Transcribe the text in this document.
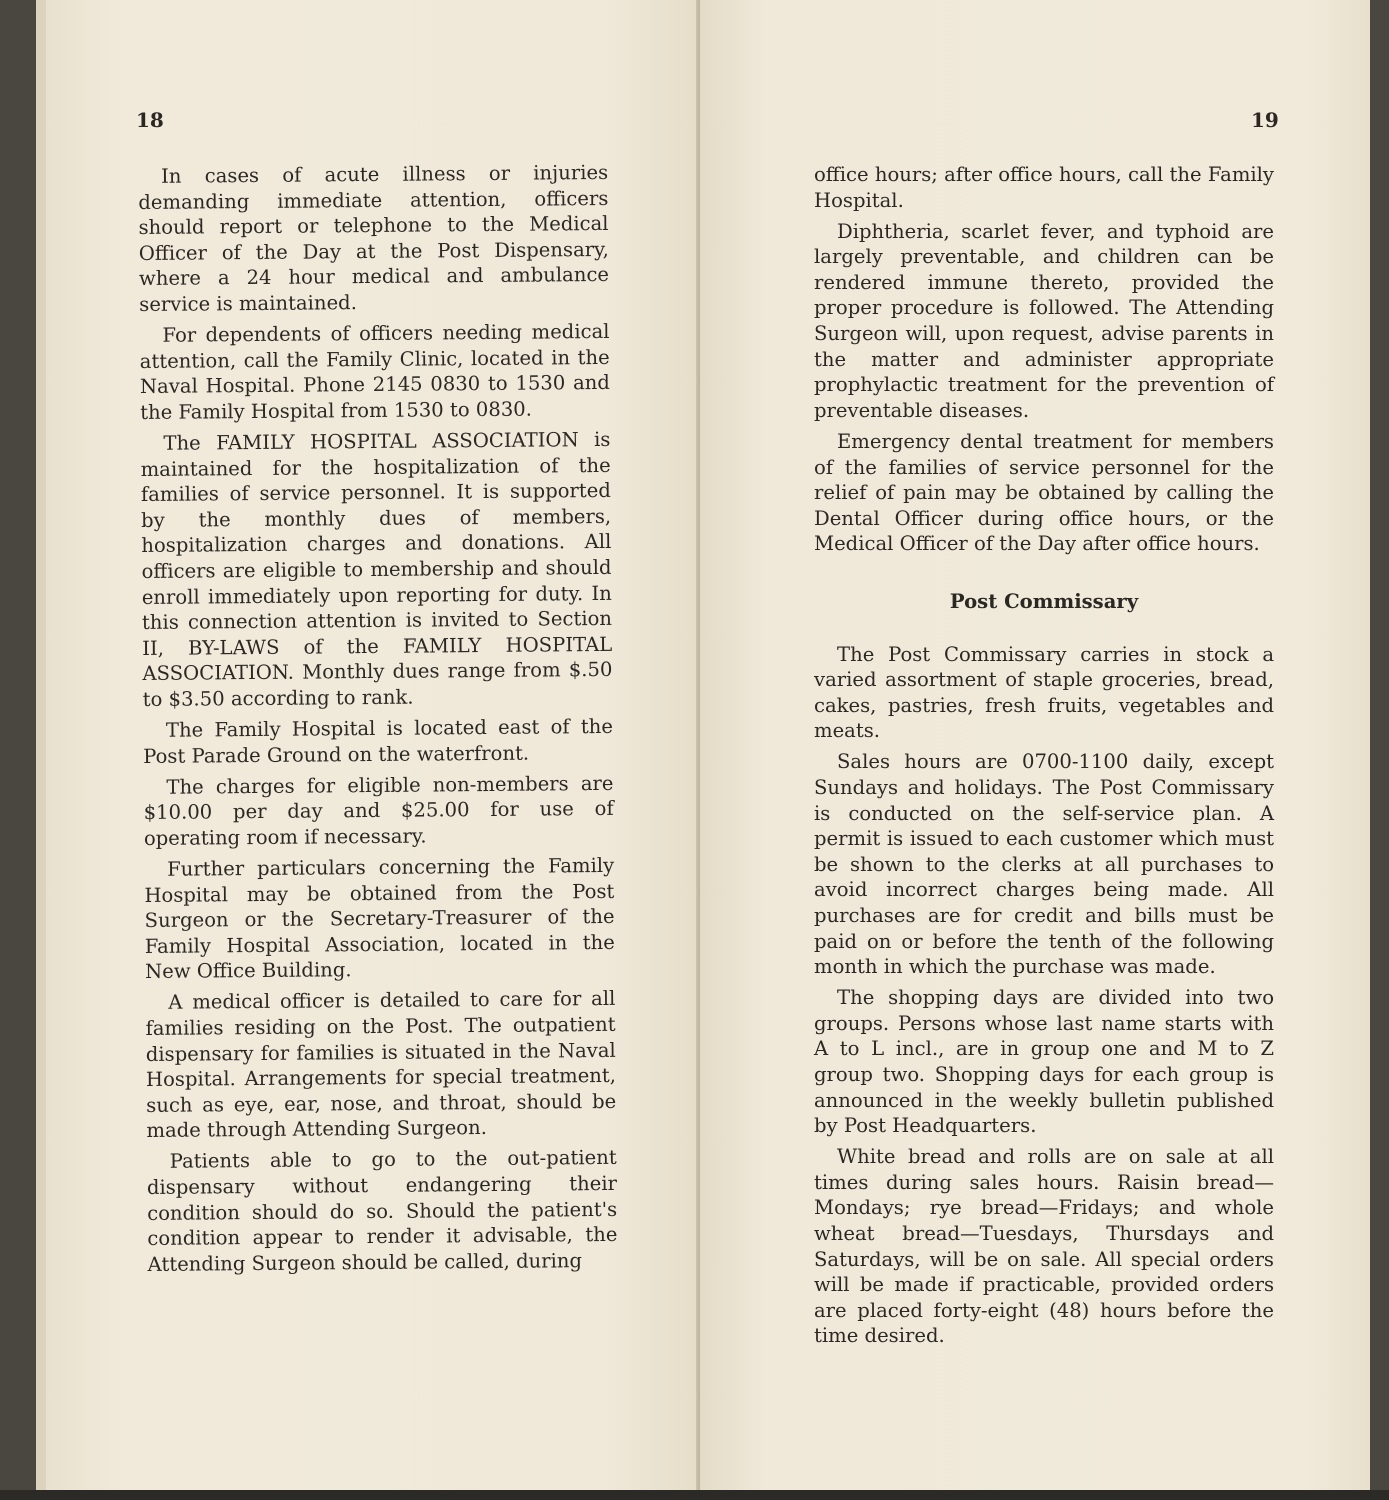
18

In cases of acute illness or injuries demanding immediate attention, officers should report or telephone to the Medical Officer of the Day at the Post Dispensary, where a 24 hour medical and ambulance service is maintained.

For dependents of officers needing medical attention, call the Family Clinic, located in the Naval Hospital. Phone 2145 0830 to 1530 and the Family Hospital from 1530 to 0830.

The FAMILY HOSPITAL ASSOCIATION is maintained for the hospitalization of the families of service personnel. It is supported by the monthly dues of members, hospitalization charges and donations. All officers are eligible to membership and should enroll immediately upon reporting for duty. In this connection attention is invited to Section II, BY-LAWS of the FAMILY HOSPITAL ASSOCIATION. Monthly dues range from $.50 to $3.50 according to rank.

The Family Hospital is located east of the Post Parade Ground on the waterfront.

The charges for eligible non-members are $10.00 per day and $25.00 for use of operating room if necessary.

Further particulars concerning the Family Hospital may be obtained from the Post Surgeon or the Secretary-Treasurer of the Family Hospital Association, located in the New Office Building.

A medical officer is detailed to care for all families residing on the Post. The outpatient dispensary for families is situated in the Naval Hospital. Arrangements for special treatment, such as eye, ear, nose, and throat, should be made through Attending Surgeon.

Patients able to go to the out-patient dispensary without endangering their condition should do so. Should the patient's condition appear to render it advisable, the Attending Surgeon should be called, during

19

office hours; after office hours, call the Family Hospital.

Diphtheria, scarlet fever, and typhoid are largely preventable, and children can be rendered immune thereto, provided the proper procedure is followed. The Attending Surgeon will, upon request, advise parents in the matter and administer appropriate prophylactic treatment for the prevention of preventable diseases.

Emergency dental treatment for members of the families of service personnel for the relief of pain may be obtained by calling the Dental Officer during office hours, or the Medical Officer of the Day after office hours.

Post Commissary

The Post Commissary carries in stock a varied assortment of staple groceries, bread, cakes, pastries, fresh fruits, vegetables and meats.

Sales hours are 0700-1100 daily, except Sundays and holidays. The Post Commissary is conducted on the self-service plan. A permit is issued to each customer which must be shown to the clerks at all purchases to avoid incorrect charges being made. All purchases are for credit and bills must be paid on or before the tenth of the following month in which the purchase was made.

The shopping days are divided into two groups. Persons whose last name starts with A to L incl., are in group one and M to Z group two. Shopping days for each group is announced in the weekly bulletin published by Post Headquarters.

White bread and rolls are on sale at all times during sales hours. Raisin bread—Mondays; rye bread—Fridays; and whole wheat bread—Tuesdays, Thursdays and Saturdays, will be on sale. All special orders will be made if practicable, provided orders are placed forty-eight (48) hours before the time desired.
